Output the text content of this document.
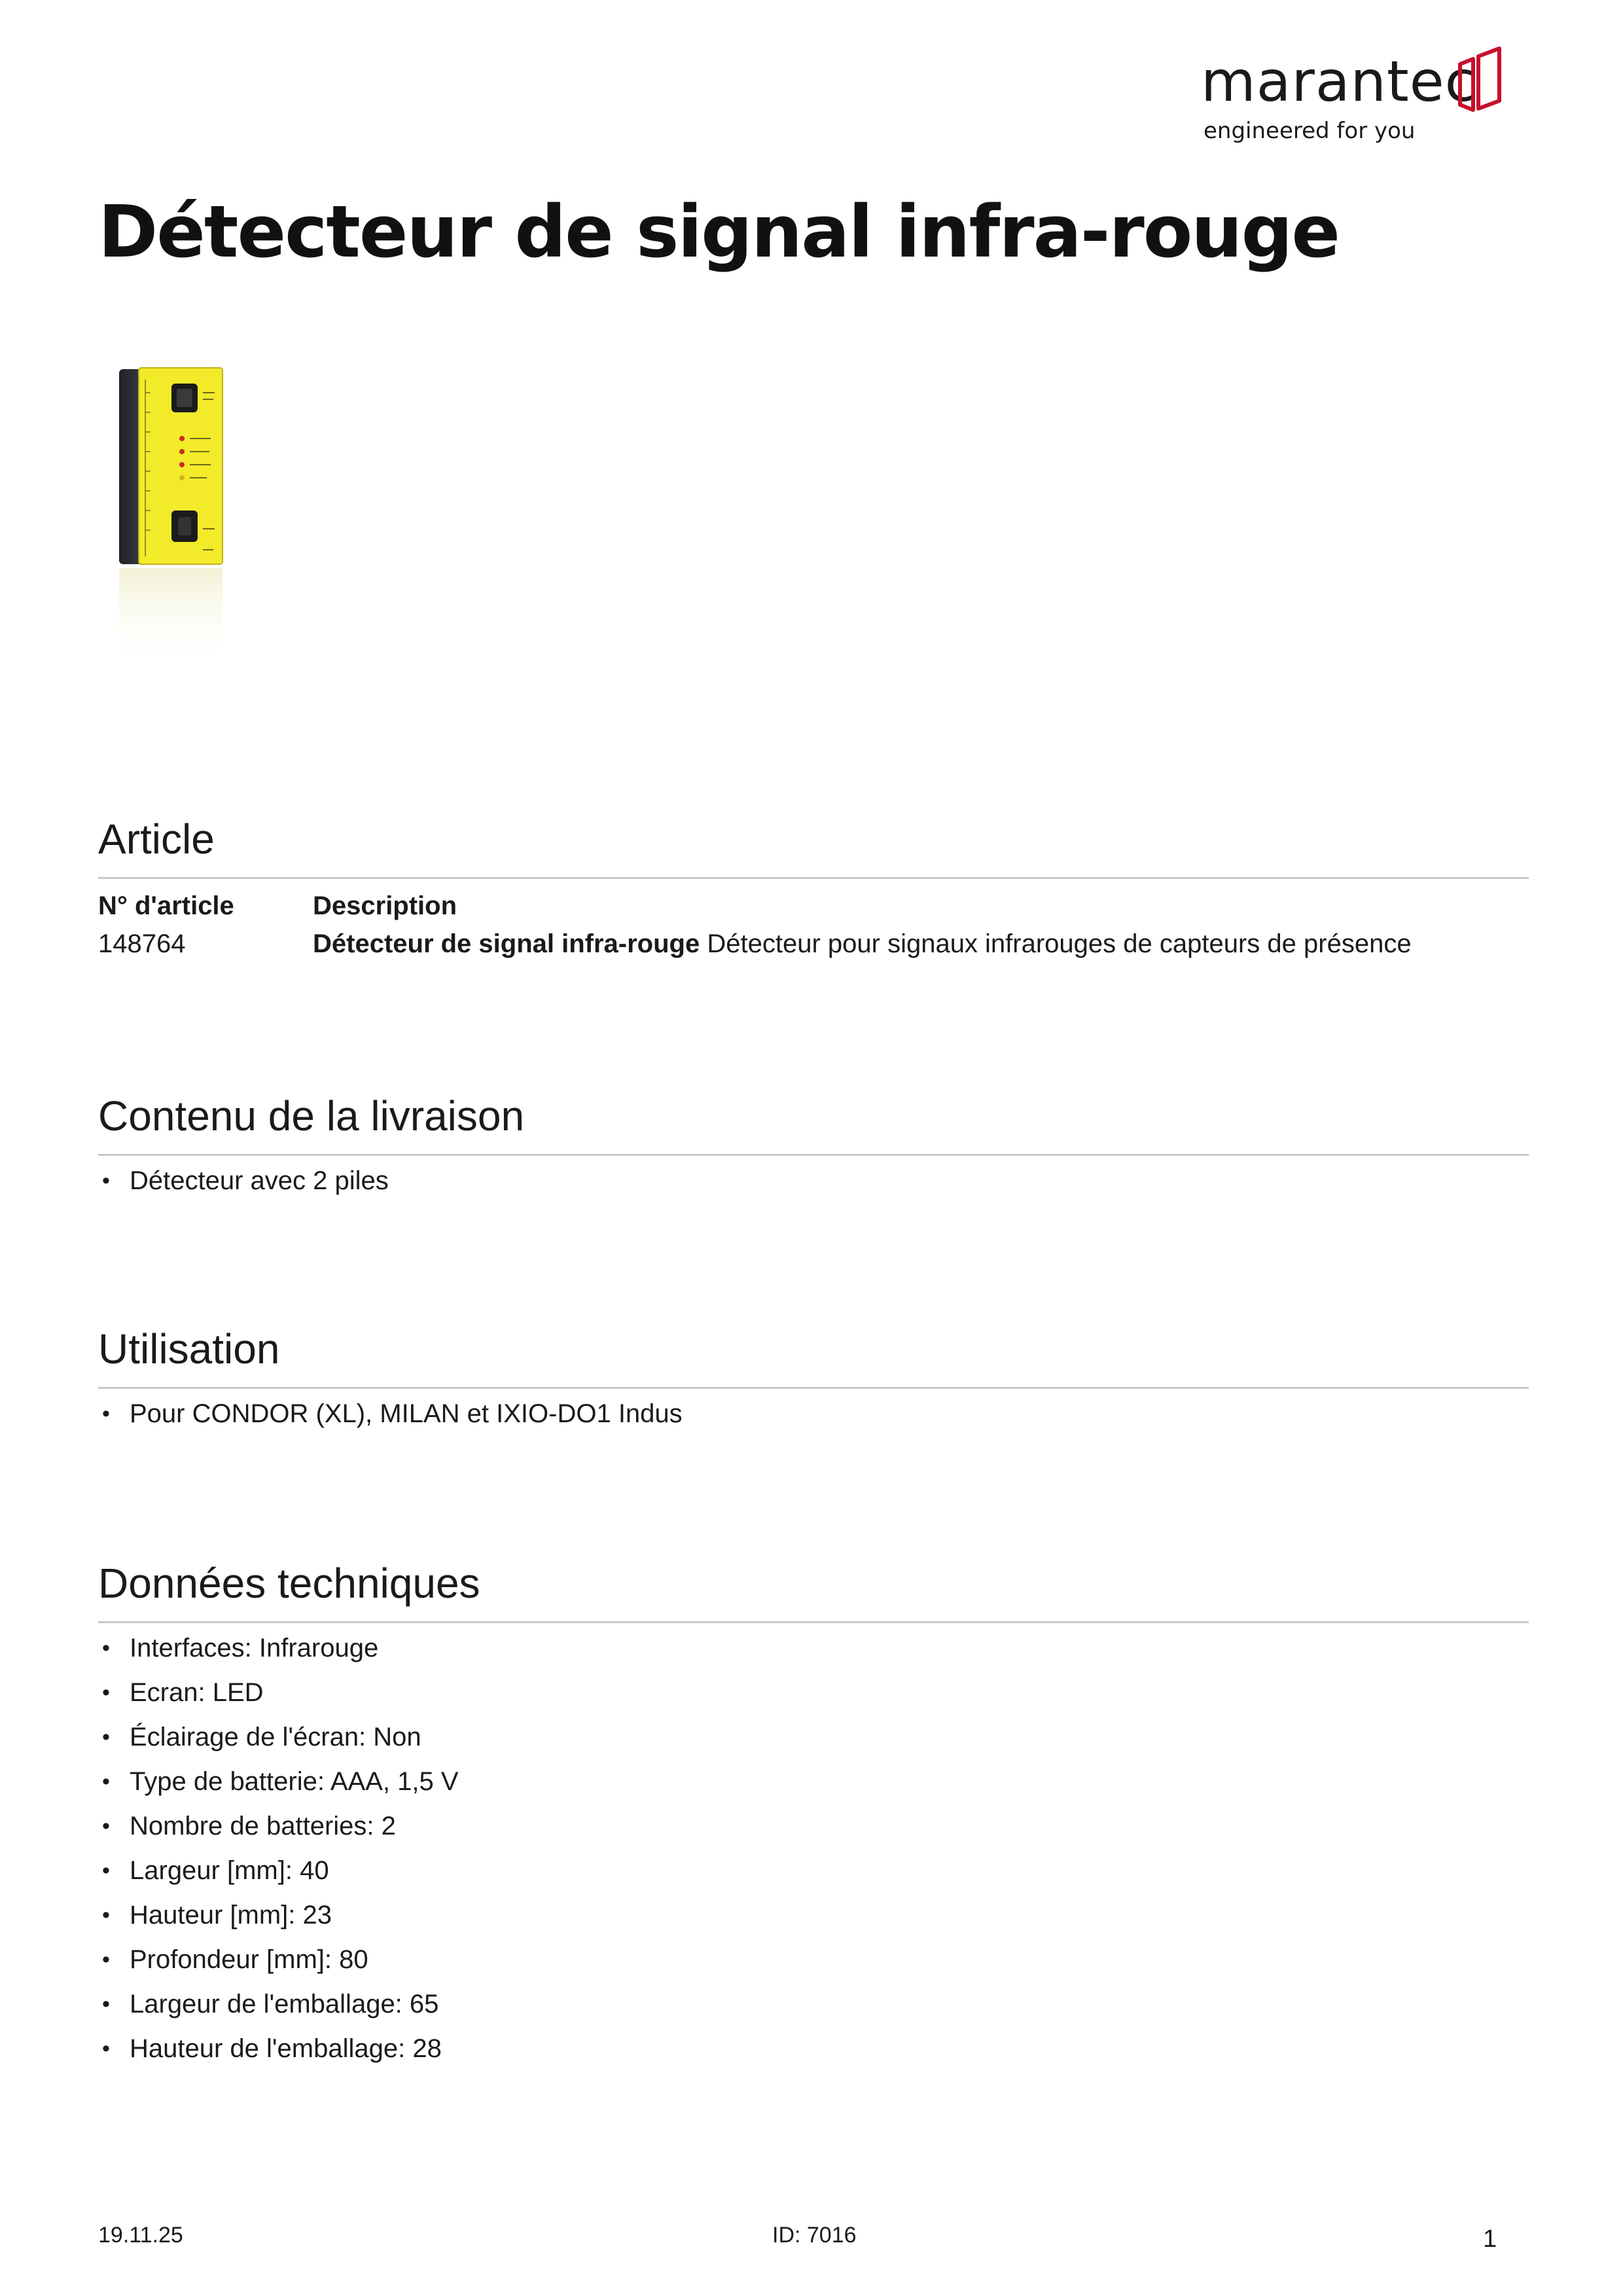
marantec
engineered for you
Détecteur de signal infra-rouge
Article
N° d'article	Description
148764	Détecteur de signal infra-rouge Détecteur pour signaux infrarouges de capteurs de présence
Contenu de la livraison
• Détecteur avec 2 piles
Utilisation
• Pour CONDOR (XL), MILAN et IXIO-DO1 Indus
Données techniques
• Interfaces: Infrarouge
• Ecran: LED
• Éclairage de l'écran: Non
• Type de batterie: AAA, 1,5 V
• Nombre de batteries: 2
• Largeur [mm]: 40
• Hauteur [mm]: 23
• Profondeur [mm]: 80
• Largeur de l'emballage: 65
• Hauteur de l'emballage: 28
19.11.25	ID: 7016	1
